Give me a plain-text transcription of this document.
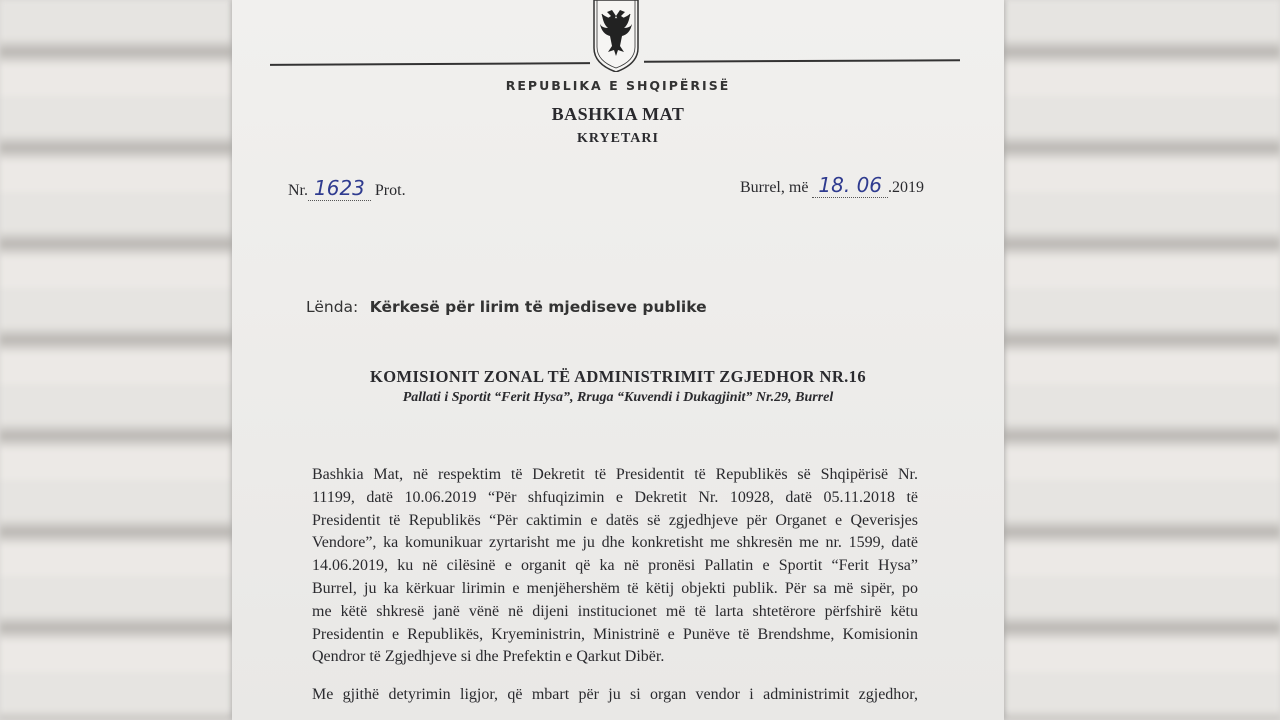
REPUBLIKA E SHQIPËRISË
BASHKIA MAT
KRYETARI
Nr. 1623 Prot.	Burrel, më 18. 06 .2019
Lënda: Kërkesë për lirim të mjediseve publike
KOMISIONIT ZONAL TË ADMINISTRIMIT ZGJEDHOR NR.16
Pallati i Sportit “Ferit Hysa”, Rruga “Kuvendi i Dukagjinit” Nr.29, Burrel
Bashkia Mat, në respektim të Dekretit të Presidentit të Republikës së Shqipërisë Nr.
11199, datë 10.06.2019 “Për shfuqizimin e Dekretit Nr. 10928, datë 05.11.2018 të
Presidentit të Republikës “Për caktimin e datës së zgjedhjeve për Organet e Qeverisjes
Vendore”, ka komunikuar zyrtarisht me ju dhe konkretisht me shkresën me nr. 1599, datë
14.06.2019, ku në cilësinë e organit që ka në pronësi Pallatin e Sportit “Ferit Hysa”
Burrel, ju ka kërkuar lirimin e menjëhershëm të këtij objekti publik. Për sa më sipër, po
me këtë shkresë janë vënë në dijeni institucionet më të larta shtetërore përfshirë këtu
Presidentin e Republikës, Kryeministrin, Ministrinë e Punëve të Brendshme, Komisionin
Qendror të Zgjedhjeve si dhe Prefektin e Qarkut Dibër.
Me gjithë detyrimin ligjor, që mbart për ju si organ vendor i administrimit zgjedhor,
